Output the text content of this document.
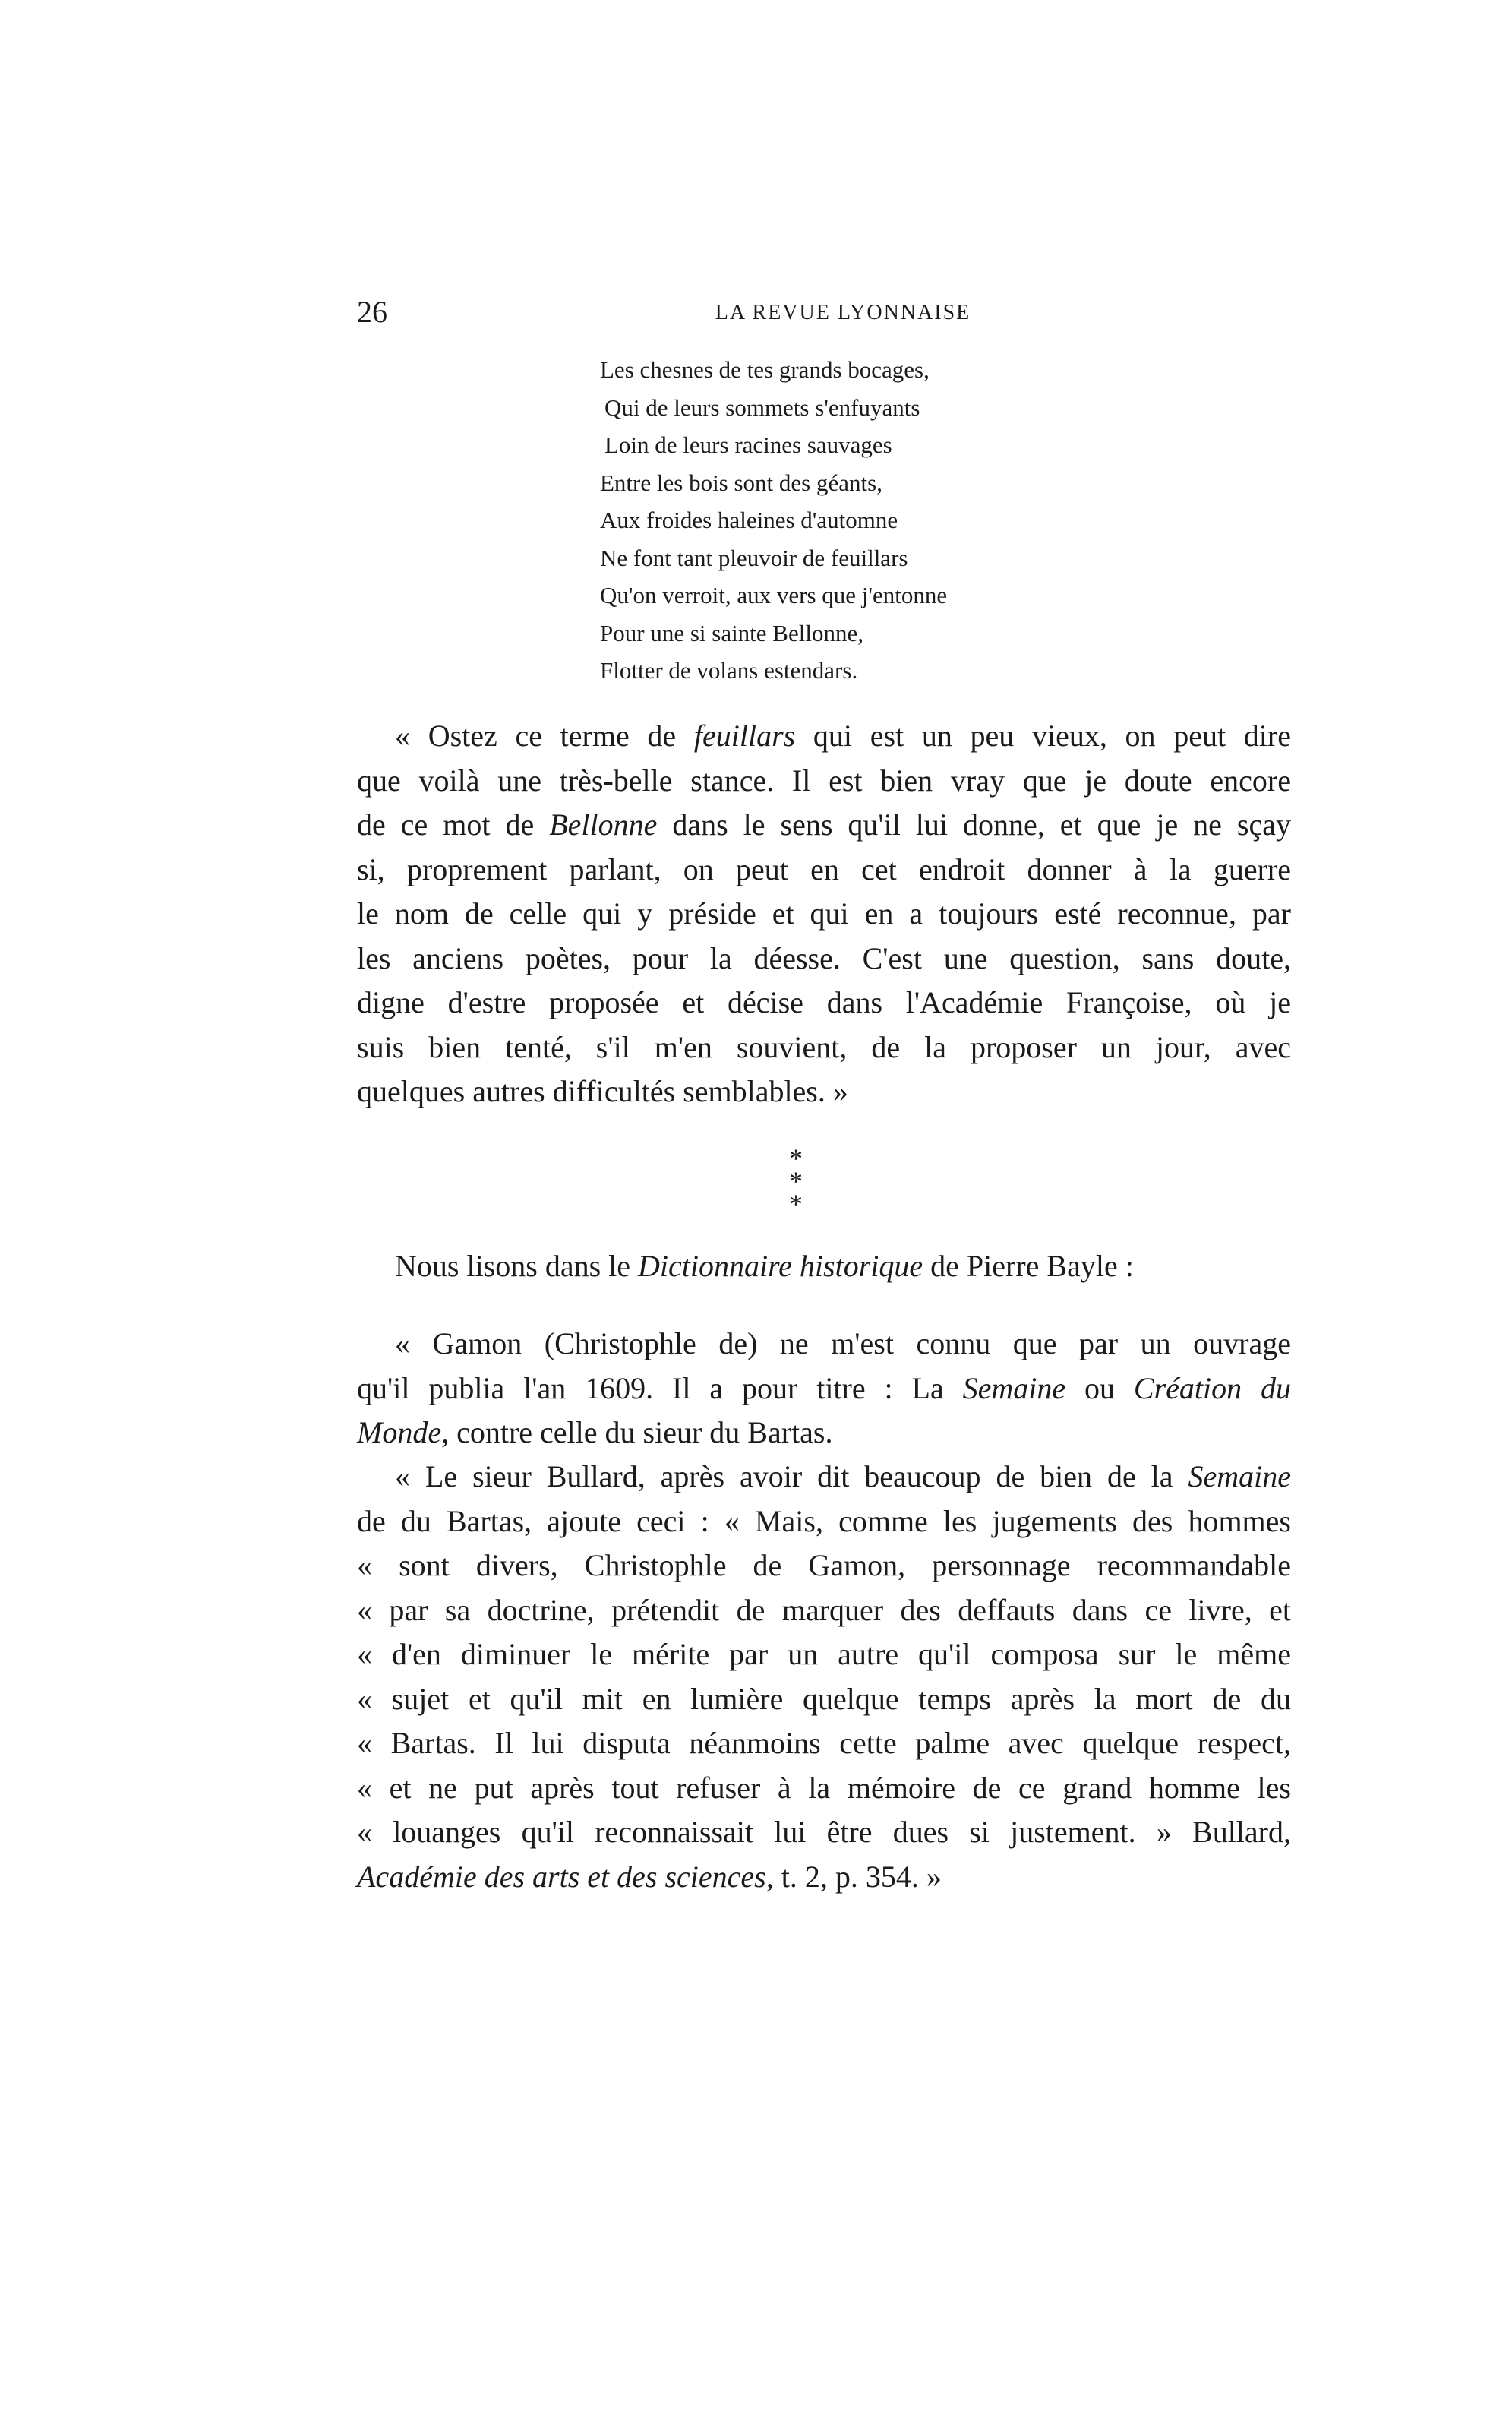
26	LA REVUE LYONNAISE
Les chesnes de tes grands bocages,
Qui de leurs sommets s'enfuyants
Loin de leurs racines sauvages
Entre les bois sont des géants,
Aux froides haleines d'automne
Ne font tant pleuvoir de feuillars
Qu'on verroit, aux vers que j'entonne
Pour une si sainte Bellonne,
Flotter de volans estendars.
« Ostez ce terme de feuillars qui est un peu vieux, on peut dire
que voilà une très-belle stance. Il est bien vray que je doute encore
de ce mot de Bellonne dans le sens qu'il lui donne, et que je ne sçay
si, proprement parlant, on peut en cet endroit donner à la guerre
le nom de celle qui y préside et qui en a toujours esté reconnue, par
les anciens poètes, pour la déesse. C'est une question, sans doute,
digne d'estre proposée et décise dans l'Académie Françoise, où je
suis bien tenté, s'il m'en souvient, de la proposer un jour, avec
quelques autres difficultés semblables. »
*
* *
Nous lisons dans le Dictionnaire historique de Pierre Bayle :
« Gamon (Christophle de) ne m'est connu que par un ouvrage
qu'il publia l'an 1609. Il a pour titre : La Semaine ou Création du
Monde, contre celle du sieur du Bartas.
« Le sieur Bullard, après avoir dit beaucoup de bien de la Semaine
de du Bartas, ajoute ceci : « Mais, comme les jugements des hommes
« sont divers, Christophle de Gamon, personnage recommandable
« par sa doctrine, prétendit de marquer des deffauts dans ce livre, et
« d'en diminuer le mérite par un autre qu'il composa sur le même
« sujet et qu'il mit en lumière quelque temps après la mort de du
« Bartas. Il lui disputa néanmoins cette palme avec quelque respect,
« et ne put après tout refuser à la mémoire de ce grand homme les
« louanges qu'il reconnaissait lui être dues si justement. » Bullard,
Académie des arts et des sciences, t. 2, p. 354. »
